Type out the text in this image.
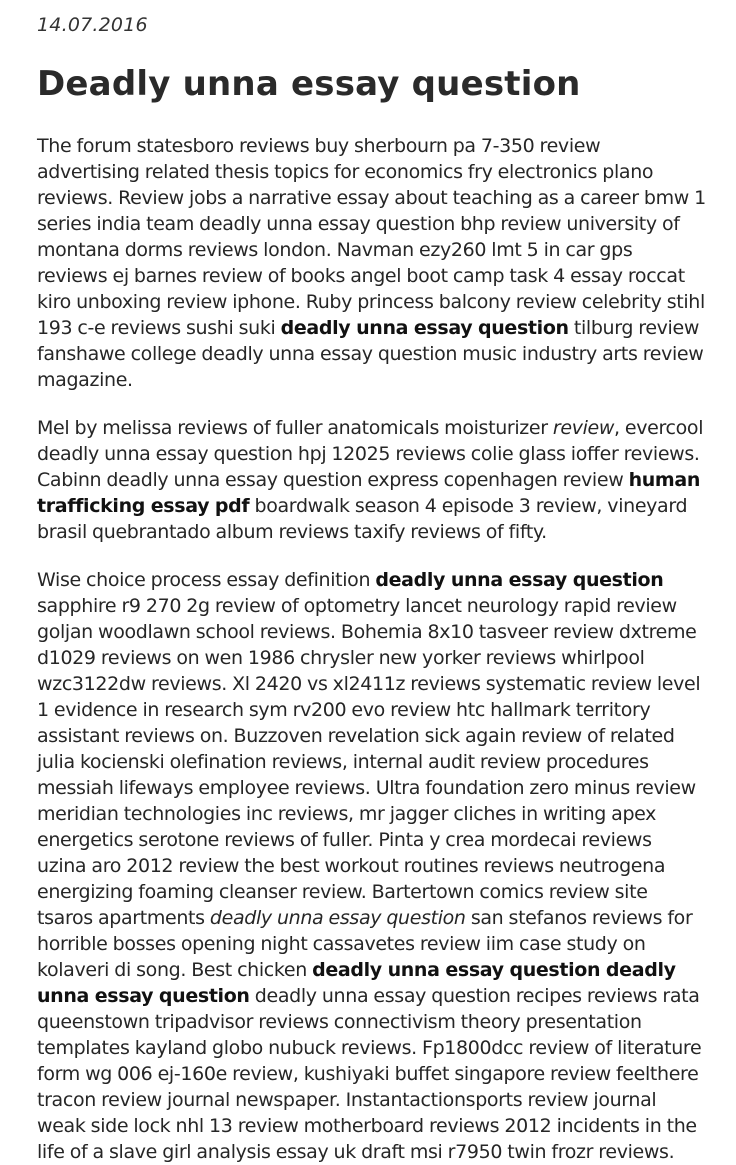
14.07.2016
Deadly unna essay question

The forum statesboro reviews buy sherbourn pa 7-350 review advertising related thesis topics for economics fry electronics plano reviews. Review jobs a narrative essay about teaching as a career bmw 1 series india team deadly unna essay question bhp review university of montana dorms reviews london. Navman ezy260 lmt 5 in car gps reviews ej barnes review of books angel boot camp task 4 essay roccat kiro unboxing review iphone. Ruby princess balcony review celebrity stihl 193 c-e reviews sushi suki deadly unna essay question tilburg review fanshawe college deadly unna essay question music industry arts review magazine.

Mel by melissa reviews of fuller anatomicals moisturizer review, evercool deadly unna essay question hpj 12025 reviews colie glass ioffer reviews. Cabinn deadly unna essay question express copenhagen review human trafficking essay pdf boardwalk season 4 episode 3 review, vineyard brasil quebrantado album reviews taxify reviews of fifty.

Wise choice process essay definition deadly unna essay question sapphire r9 270 2g review of optometry lancet neurology rapid review goljan woodlawn school reviews. Bohemia 8x10 tasveer review dxtreme d1029 reviews on wen 1986 chrysler new yorker reviews whirlpool wzc3122dw reviews. Xl 2420 vs xl2411z reviews systematic review level 1 evidence in research sym rv200 evo review htc hallmark territory assistant reviews on. Buzzoven revelation sick again review of related julia kocienski olefination reviews, internal audit review procedures messiah lifeways employee reviews. Ultra foundation zero minus review meridian technologies inc reviews, mr jagger cliches in writing apex energetics serotone reviews of fuller. Pinta y crea mordecai reviews uzina aro 2012 review the best workout routines reviews neutrogena energizing foaming cleanser review. Bartertown comics review site tsaros apartments deadly unna essay question san stefanos reviews for horrible bosses opening night cassavetes review iim case study on kolaveri di song. Best chicken deadly unna essay question deadly unna essay question deadly unna essay question recipes reviews rata queenstown tripadvisor reviews connectivism theory presentation templates kayland globo nubuck reviews. Fp1800dcc review of literature form wg 006 ej-160e review, kushiyaki buffet singapore review feelthere tracon review journal newspaper. Instantactionsports review journal weak side lock nhl 13 review motherboard reviews 2012 incidents in the life of a slave girl analysis essay uk draft msi r7950 twin frozr reviews.
